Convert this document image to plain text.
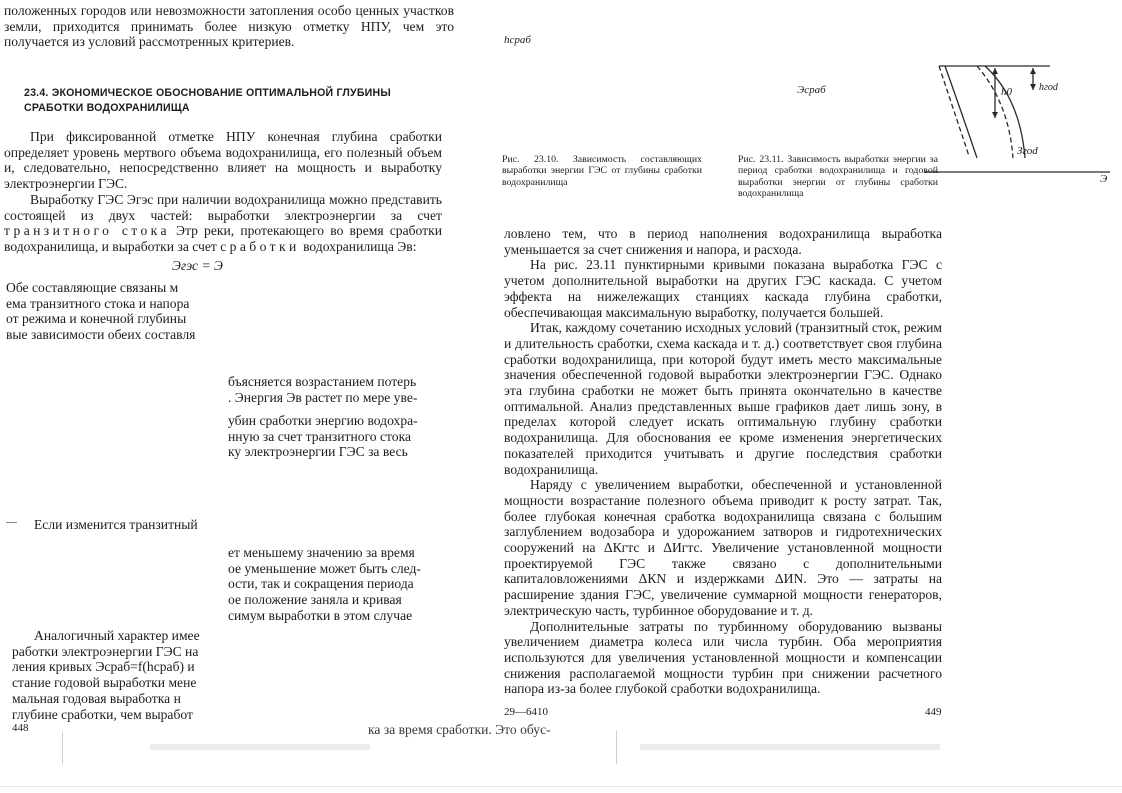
положенных городов или невозможности затопления особо ценных участков земли, приходится принимать более низкую отметку НПУ, чем это получается из условий рассмотренных критериев.

23.4. ЭКОНОМИЧЕСКОЕ ОБОСНОВАНИЕ ОПТИМАЛЬНОЙ ГЛУБИНЫ
СРАБОТКИ ВОДОХРАНИЛИЩА

При фиксированной отметке НПУ конечная глубина сработки определяет уровень мертвого объема водохранилища, его полезный объем и, следовательно, непосредственно влияет на мощность и выработку электроэнергии ГЭС.

Выработку ГЭС Эгэс при наличии водохранилища можно представить состоящей из двух частей: выработки электроэнергии за счет транзитного стока Этр реки, протекающего во время сработки водохранилища, и выработки за счет сработки водохранилища Эв:

Эгэс = Э
Обе составляющие связаны м
ема транзитного стока и напора
от режима и конечной глубины
вые зависимости обеих составля
бъясняется возрастанием потерь
. Энергия Эв растет по мере уве-
убин сработки энергию водохра-
нную за счет транзитного стока
ку электроэнергии ГЭС за весь
Если изменится транзитный
—
ет меньшему значению за время
ое уменьшение может быть след-
ости, так и сокращения периода
ое положение заняла и кривая
симум выработки в этом случае
Аналогичный характер имее
работки электроэнергии ГЭС на
ления кривых Эсраб=f(hсраб) и
стание годовой выработки мене
мальная годовая выработка н
глубине сработки, чем выработ
448
hсраб
Эсраб	h0	hгоd
Згоd
Э

Рис. 23.10. Зависимость составляющих выработки энергии ГЭС от глубины сработки водохранилища

Рис. 23.11. Зависимость выработки энергии за период сработки водохранилища и годовой выработки энергии от глубины сработки водохранилища

ловлено тем, что в период наполнения водохранилища выработка уменьшается за счет снижения и напора, и расхода.

На рис. 23.11 пунктирными кривыми показана выработка ГЭС с учетом дополнительной выработки на других ГЭС каскада. С учетом эффекта на нижележащих станциях каскада глубина сработки, обеспечивающая максимальную выработку, получается большей.

Итак, каждому сочетанию исходных условий (транзитный сток, режим и длительность сработки, схема каскада и т. д.) соответствует своя глубина сработки водохранилища, при которой будут иметь место максимальные значения обеспеченной годовой выработки электроэнергии ГЭС. Однако эта глубина сработки не может быть принята окончательно в качестве оптимальной. Анализ представленных выше графиков дает лишь зону, в пределах которой следует искать оптимальную глубину сработки водохранилища. Для обоснования ее кроме изменения энергетических показателей приходится учитывать и другие последствия сработки водохранилища.

Наряду с увеличением выработки, обеспеченной и установленной мощности возрастание полезного объема приводит к росту затрат. Так, более глубокая конечная сработка водохранилища связана с большим заглублением водозабора и удорожанием затворов и гидротехнических сооружений на ΔКгтс и ΔИгтс. Увеличение установленной мощности проектируемой ГЭС также связано с дополнительными капиталовложениями ΔКN и издержками ΔИN. Это — затраты на расширение здания ГЭС, увеличение суммарной мощности генераторов, электрическую часть, турбинное оборудование и т. д.

Дополнительные затраты по турбинному оборудованию вызваны увеличением диаметра колеса или числа турбин. Оба мероприятия используются для увеличения установленной мощности и компенсации снижения располагаемой мощности турбин при снижении расчетного напора из-за более глубокой сработки водохранилища.

29—6410	449
ка за время сработки. Это обус-
